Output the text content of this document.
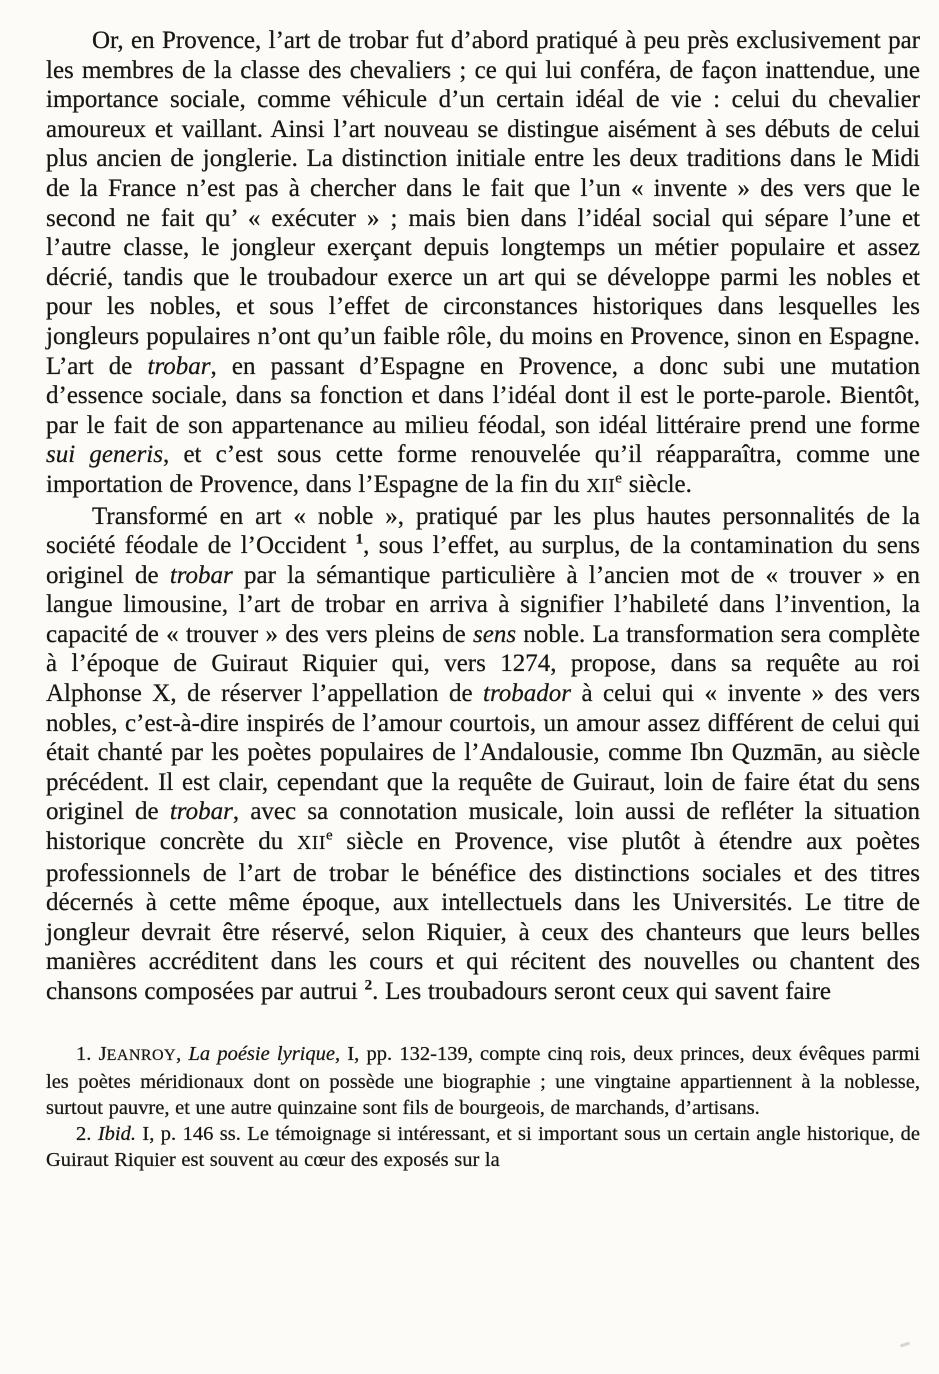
Or, en Provence, l’art de trobar fut d’abord pratiqué à peu près exclusivement par les membres de la classe des chevaliers ; ce qui lui conféra, de façon inattendue, une importance sociale, comme véhicule d’un certain idéal de vie : celui du chevalier amoureux et vaillant. Ainsi l’art nouveau se distingue aisément à ses débuts de celui plus ancien de jonglerie. La distinction initiale entre les deux traditions dans le Midi de la France n’est pas à chercher dans le fait que l’un « invente » des vers que le second ne fait qu’ « exécuter » ; mais bien dans l’idéal social qui sépare l’une et l’autre classe, le jongleur exerçant depuis longtemps un métier populaire et assez décrié, tandis que le troubadour exerce un art qui se développe parmi les nobles et pour les nobles, et sous l’effet de circonstances historiques dans lesquelles les jongleurs populaires n’ont qu’un faible rôle, du moins en Provence, sinon en Espagne. L’art de trobar, en passant d’Espagne en Provence, a donc subi une mutation d’essence sociale, dans sa fonction et dans l’idéal dont il est le porte-parole. Bientôt, par le fait de son appartenance au milieu féodal, son idéal littéraire prend une forme sui generis, et c’est sous cette forme renouvelée qu’il réapparaîtra, comme une importation de Provence, dans l’Espagne de la fin du XIIe siècle.

Transformé en art « noble », pratiqué par les plus hautes personnalités de la société féodale de l’Occident $^1$, sous l’effet, au surplus, de la contamination du sens originel de trobar par la sémantique particulière à l’ancien mot de « trouver » en langue limousine, l’art de trobar en arriva à signifier l’habileté dans l’invention, la capacité de « trouver » des vers pleins de sens noble. La transformation sera complète à l’époque de Guiraut Riquier qui, vers 1274, propose, dans sa requête au roi Alphonse X, de réserver l’appellation de trobador à celui qui « invente » des vers nobles, c’est-à-dire inspirés de l’amour courtois, un amour assez différent de celui qui était chanté par les poètes populaires de l’Andalousie, comme Ibn Quzmān, au siècle précédent. Il est clair, cependant que la requête de Guiraut, loin de faire état du sens originel de trobar, avec sa connotation musicale, loin aussi de refléter la situation historique concrète du XIIe siècle en Provence, vise plutôt à étendre aux poètes professionnels de l’art de trobar le bénéfice des distinctions sociales et des titres décernés à cette même époque, aux intellectuels dans les Universités. Le titre de jongleur devrait être réservé, selon Riquier, à ceux des chanteurs que leurs belles manières accréditent dans les cours et qui récitent des nouvelles ou chantent des chansons composées par autrui $^2$. Les troubadours seront ceux qui savent faire

1. JEANROY, La poésie lyrique, I, pp. 132-139, compte cinq rois, deux princes, deux évêques parmi les poètes méridionaux dont on possède une biographie ; une vingtaine appartiennent à la noblesse, surtout pauvre, et une autre quinzaine sont fils de bourgeois, de marchands, d’artisans.

2. Ibid. I, p. 146 ss. Le témoignage si intéressant, et si important sous un certain angle historique, de Guiraut Riquier est souvent au cœur des exposés sur la
